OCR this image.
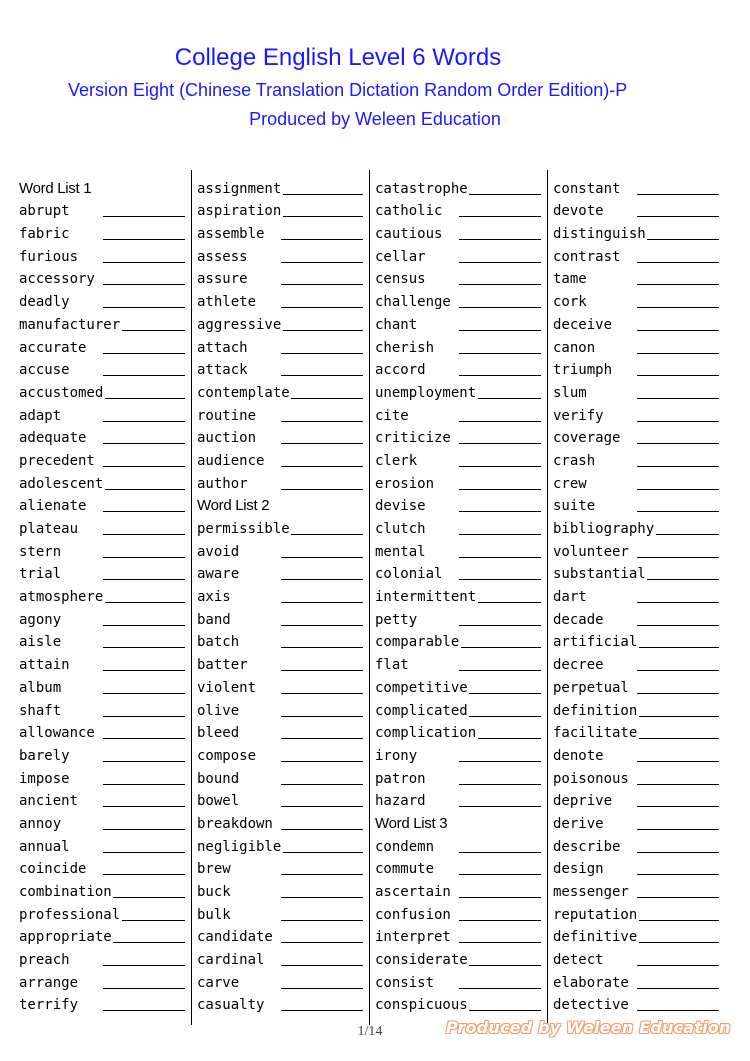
College English Level 6 Words
Version Eight (Chinese Translation Dictation Random Order Edition)-P
Produced by Weleen Education
Word List 1
abrupt
fabric
furious
accessory
deadly
manufacturer
accurate
accuse
accustomed
adapt
adequate
precedent
adolescent
alienate
plateau
stern
trial
atmosphere
agony
aisle
attain
album
shaft
allowance
barely
impose
ancient
annoy
annual
coincide
combination
professional
appropriate
preach
arrange
terrify
assignment
aspiration
assemble
assess
assure
athlete
aggressive
attach
attack
contemplate
routine
auction
audience
author
Word List 2
permissible
avoid
aware
axis
band
batch
batter
violent
olive
bleed
compose
bound
bowel
breakdown
negligible
brew
buck
bulk
candidate
cardinal
carve
casualty
catastrophe
catholic
cautious
cellar
census
challenge
chant
cherish
accord
unemployment
cite
criticize
clerk
erosion
devise
clutch
mental
colonial
intermittent
petty
comparable
flat
competitive
complicated
complication
irony
patron
hazard
Word List 3
condemn
commute
ascertain
confusion
interpret
considerate
consist
conspicuous
constant
devote
distinguish
contrast
tame
cork
deceive
canon
triumph
slum
verify
coverage
crash
crew
suite
bibliography
volunteer
substantial
dart
decade
artificial
decree
perpetual
definition
facilitate
denote
poisonous
deprive
derive
describe
design
messenger
reputation
definitive
detect
elaborate
detective
1/14	Produced by Weleen Education
